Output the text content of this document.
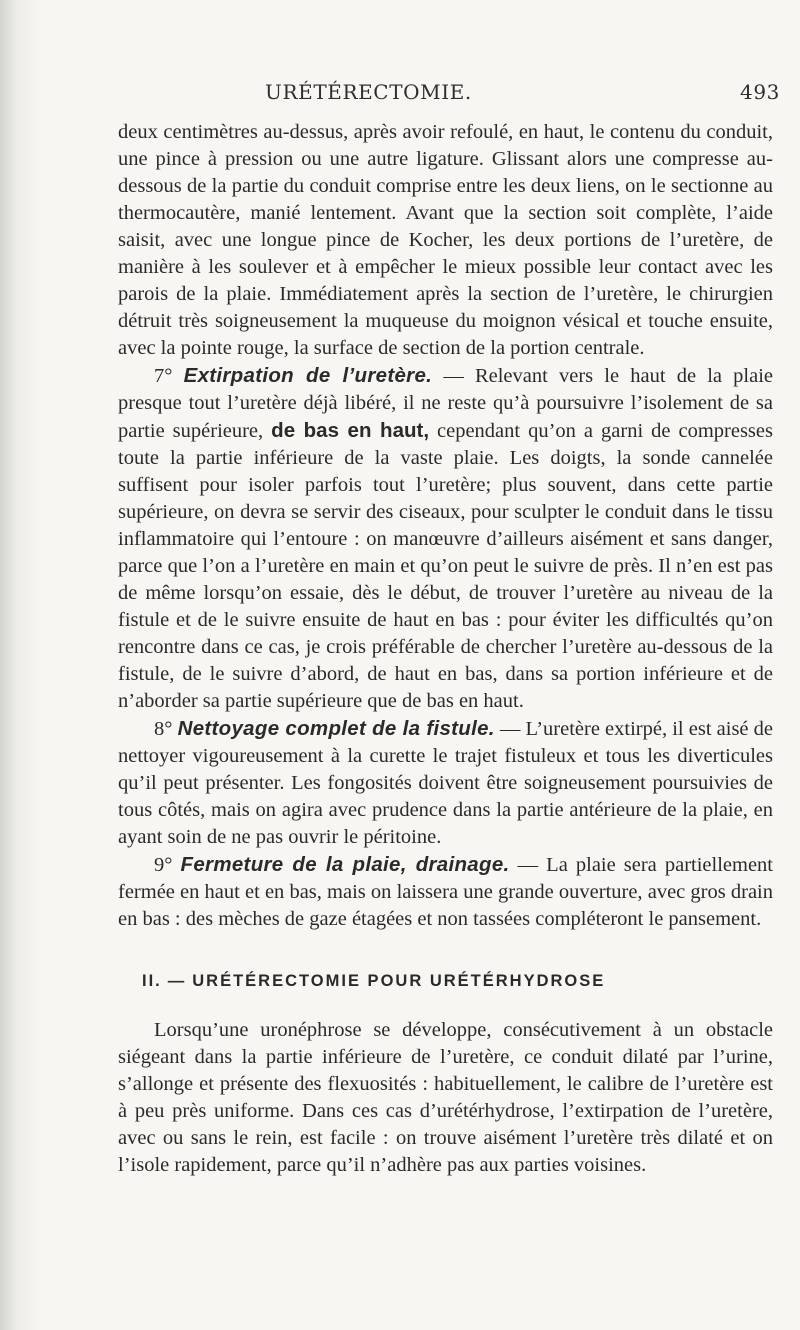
URÉTÉRECTOMIE.	493

deux centimètres au-dessus, après avoir refoulé, en haut, le contenu du conduit, une pince à pression ou une autre ligature. Glissant alors une compresse au-dessous de la partie du conduit comprise entre les deux liens, on le sectionne au thermocautère, manié lentement. Avant que la section soit complète, l’aide saisit, avec une longue pince de Kocher, les deux portions de l’uretère, de manière à les soulever et à empêcher le mieux possible leur contact avec les parois de la plaie. Immédiatement après la section de l’uretère, le chirurgien détruit très soigneusement la muqueuse du moignon vésical et touche ensuite, avec la pointe rouge, la surface de section de la portion centrale.

7° Extirpation de l’uretère. — Relevant vers le haut de la plaie presque tout l’uretère déjà libéré, il ne reste qu’à poursuivre l’isolement de sa partie supérieure, de bas en haut, cependant qu’on a garni de compresses toute la partie inférieure de la vaste plaie. Les doigts, la sonde cannelée suffisent pour isoler parfois tout l’uretère; plus souvent, dans cette partie supérieure, on devra se servir des ciseaux, pour sculpter le conduit dans le tissu inflammatoire qui l’entoure : on manœuvre d’ailleurs aisément et sans danger, parce que l’on a l’uretère en main et qu’on peut le suivre de près. Il n’en est pas de même lorsqu’on essaie, dès le début, de trouver l’uretère au niveau de la fistule et de le suivre ensuite de haut en bas : pour éviter les difficultés qu’on rencontre dans ce cas, je crois préférable de chercher l’uretère au-dessous de la fistule, de le suivre d’abord, de haut en bas, dans sa portion inférieure et de n’aborder sa partie supérieure que de bas en haut.

8° Nettoyage complet de la fistule. — L’uretère extirpé, il est aisé de nettoyer vigoureusement à la curette le trajet fistuleux et tous les diverticules qu’il peut présenter. Les fongosités doivent être soigneusement poursuivies de tous côtés, mais on agira avec prudence dans la partie antérieure de la plaie, en ayant soin de ne pas ouvrir le péritoine.

9° Fermeture de la plaie, drainage. — La plaie sera partiellement fermée en haut et en bas, mais on laissera une grande ouverture, avec gros drain en bas : des mèches de gaze étagées et non tassées compléteront le pansement.

II. — URÉTÉRECTOMIE POUR URÉTÉRHYDROSE

Lorsqu’une uronéphrose se développe, consécutivement à un obstacle siégeant dans la partie inférieure de l’uretère, ce conduit dilaté par l’urine, s’allonge et présente des flexuosités : habituellement, le calibre de l’uretère est à peu près uniforme. Dans ces cas d’urétérhydrose, l’extirpation de l’uretère, avec ou sans le rein, est facile : on trouve aisément l’uretère très dilaté et on l’isole rapidement, parce qu’il n’adhère pas aux parties voisines.
